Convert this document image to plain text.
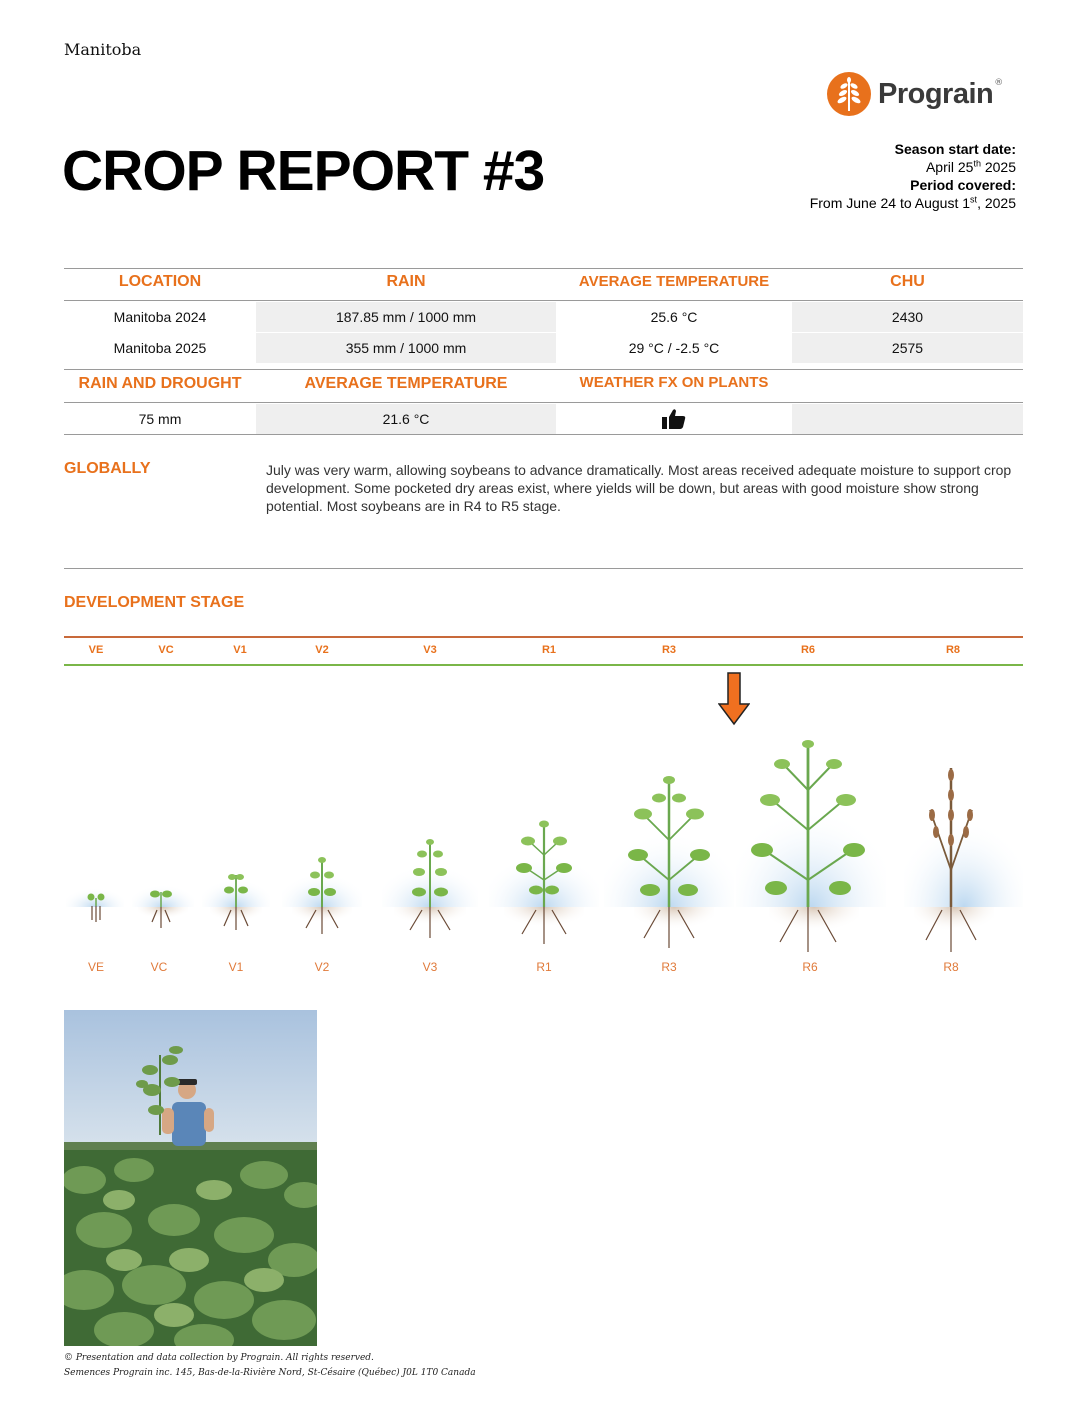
Manitoba
Prograin ®
CROP REPORT #3	Season start date:
April 25th 2025
Period covered:
From June 24 to August 1st, 2025
LOCATION	RAIN	AVERAGE TEMPERATURE	CHU
Manitoba 2024	187.85 mm / 1000 mm	25.6 °C	2430
Manitoba 2025	355 mm / 1000 mm	29 °C / -2.5 °C	2575
RAIN AND DROUGHT	AVERAGE TEMPERATURE	WEATHER FX ON PLANTS
75 mm	21.6 °C
GLOBALLY	July was very warm, allowing soybeans to advance dramatically. Most areas received adequate moisture to support crop development. Some pocketed dry areas exist, where yields will be down, but areas with good moisture show strong potential. Most soybeans are in R4 to R5 stage.
DEVELOPMENT STAGE
VE	VC	V1	V2	V3	R1	R3	R6	R8
VE	VC	V1	V2	V3	R1	R3	R6	R8
© Presentation and data collection by Prograin. All rights reserved.
Semences Prograin inc. 145, Bas-de-la-Rivière Nord, St-Césaire (Québec) J0L 1T0 Canada
